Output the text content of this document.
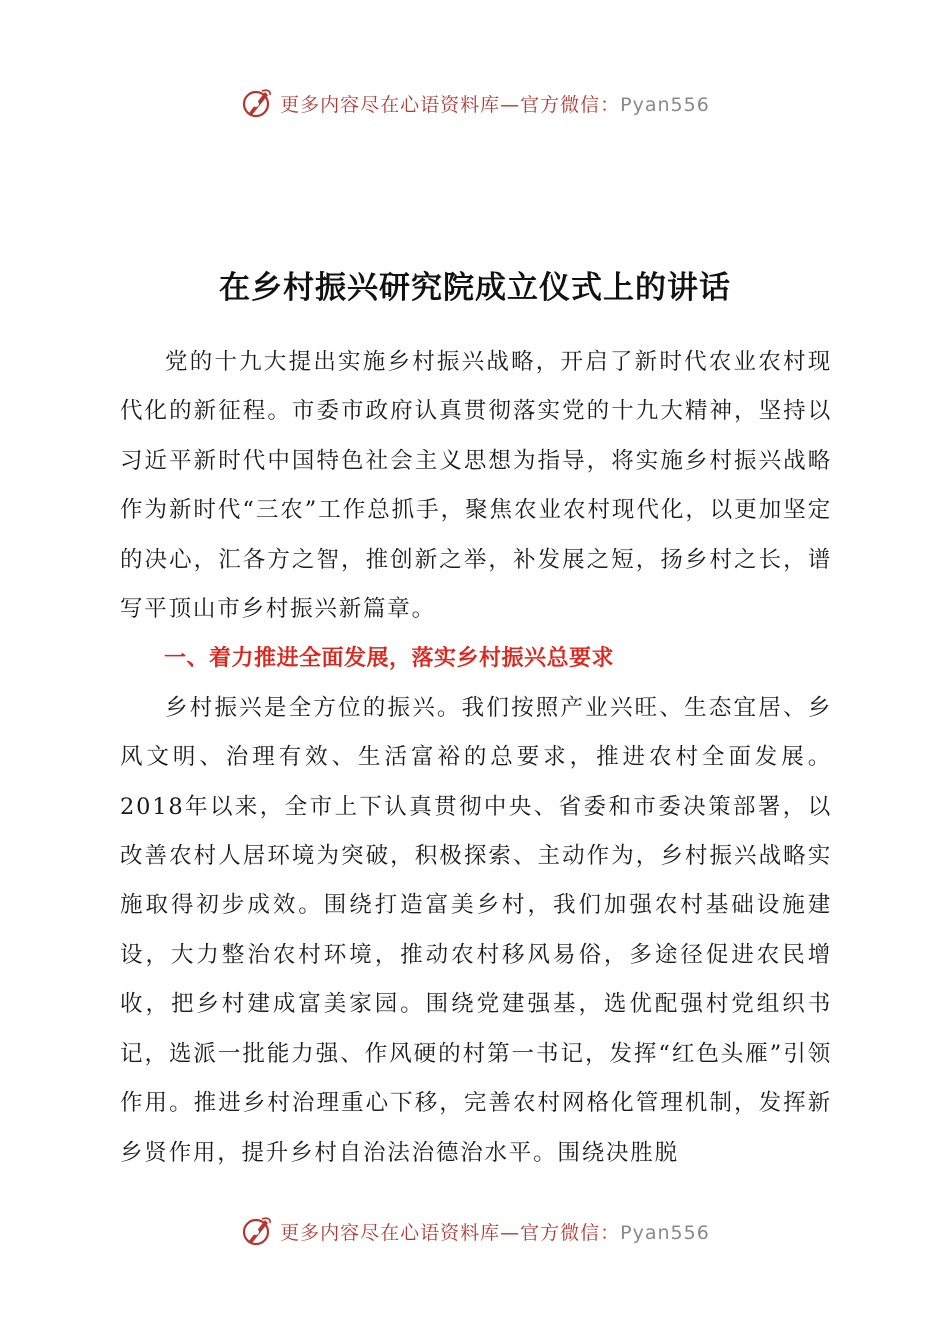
更多内容尽在心语资料库—官方微信：Pyan556
在乡村振兴研究院成立仪式上的讲话

党的十九大提出实施乡村振兴战略，开启了新时代农业农村现代化的新征程。市委市政府认真贯彻落实党的十九大精神，坚持以习近平新时代中国特色社会主义思想为指导，将实施乡村振兴战略作为新时代“三农”工作总抓手，聚焦农业农村现代化，以更加坚定的决心，汇各方之智，推创新之举，补发展之短，扬乡村之长，谱写平顶山市乡村振兴新篇章。

一、着力推进全面发展，落实乡村振兴总要求

乡村振兴是全方位的振兴。我们按照产业兴旺、生态宜居、乡风文明、治理有效、生活富裕的总要求，推进农村全面发展。2018年以来，全市上下认真贯彻中央、省委和市委决策部署，以改善农村人居环境为突破，积极探索、主动作为，乡村振兴战略实施取得初步成效。围绕打造富美乡村，我们加强农村基础设施建设，大力整治农村环境，推动农村移风易俗，多途径促进农民增收，把乡村建成富美家园。围绕党建强基，选优配强村党组织书记，选派一批能力强、作风硬的村第一书记，发挥“红色头雁”引领作用。推进乡村治理重心下移，完善农村网格化管理机制，发挥新乡贤作用，提升乡村自治法治德治水平。围绕决胜脱

更多内容尽在心语资料库—官方微信：Pyan556
